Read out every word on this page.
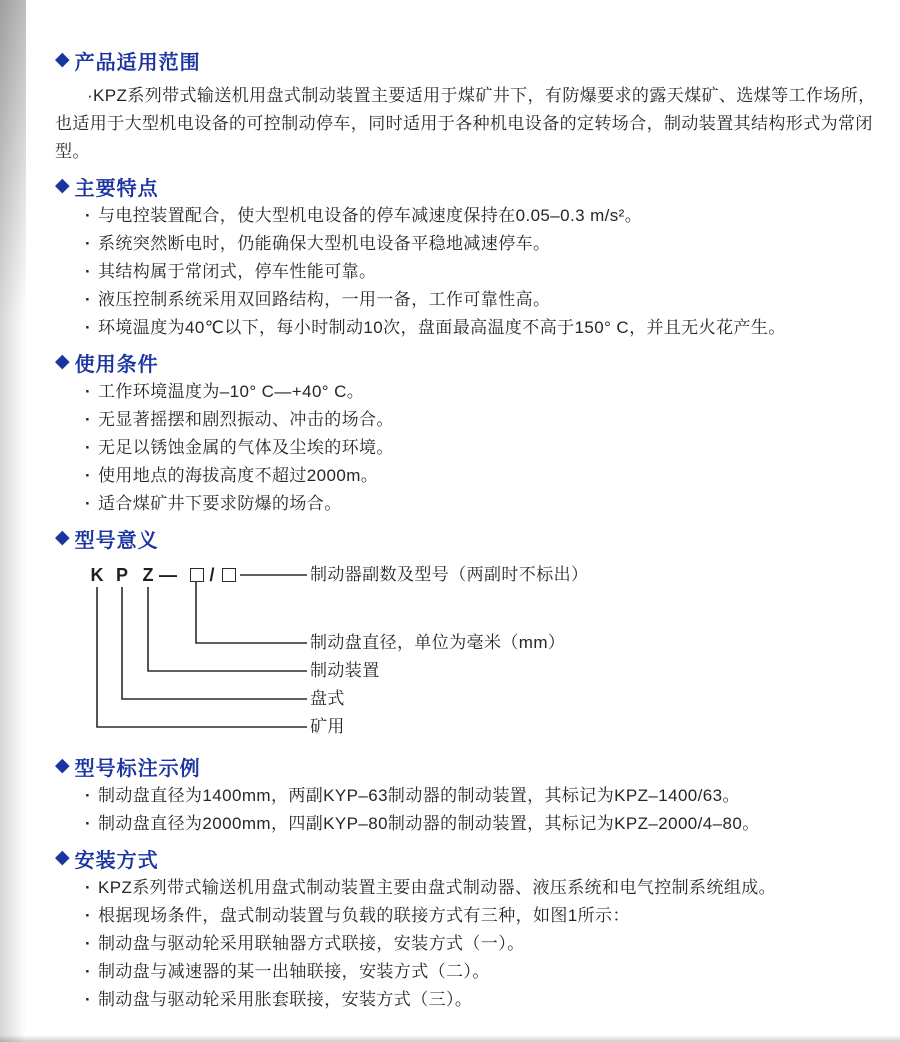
◆ 产品适用范围

·KPZ系列带式输送机用盘式制动装置主要适用于煤矿井下，有防爆要求的露天煤矿、选煤等工作场所，也适用于大型机电设备的可控制动停车，同时适用于各种机电设备的定转场合，制动装置其结构形式为常闭型。

◆ 主要特点
· 与电控装置配合，使大型机电设备的停车减速度保持在0.05–0.3 m/s²。
· 系统突然断电时，仍能确保大型机电设备平稳地减速停车。
· 其结构属于常闭式，停车性能可靠。
· 液压控制系统采用双回路结构，一用一备，工作可靠性高。
· 环境温度为40℃以下，每小时制动10次，盘面最高温度不高于150° C，并且无火花产生。
◆ 使用条件
· 工作环境温度为–10° C—+40° C。
· 无显著摇摆和剧烈振动、冲击的场合。
· 无足以锈蚀金属的气体及尘埃的环境。
· 使用地点的海拔高度不超过2000m。
· 适合煤矿井下要求防爆的场合。
◆ 型号意义
K P Z —	/	制动器副数及型号（两副时不标出）
制动盘直径，单位为毫米（mm）
制动装置
盘式
矿用
◆ 型号标注示例
· 制动盘直径为1400mm，两副KYP–63制动器的制动装置，其标记为KPZ–1400/63。
· 制动盘直径为2000mm，四副KYP–80制动器的制动装置，其标记为KPZ–2000/4–80。
◆ 安装方式
· KPZ系列带式输送机用盘式制动装置主要由盘式制动器、液压系统和电气控制系统组成。
· 根据现场条件，盘式制动装置与负载的联接方式有三种，如图1所示：
· 制动盘与驱动轮采用联轴器方式联接，安装方式（一）。
· 制动盘与减速器的某一出轴联接，安装方式（二）。
· 制动盘与驱动轮采用胀套联接，安装方式（三）。
